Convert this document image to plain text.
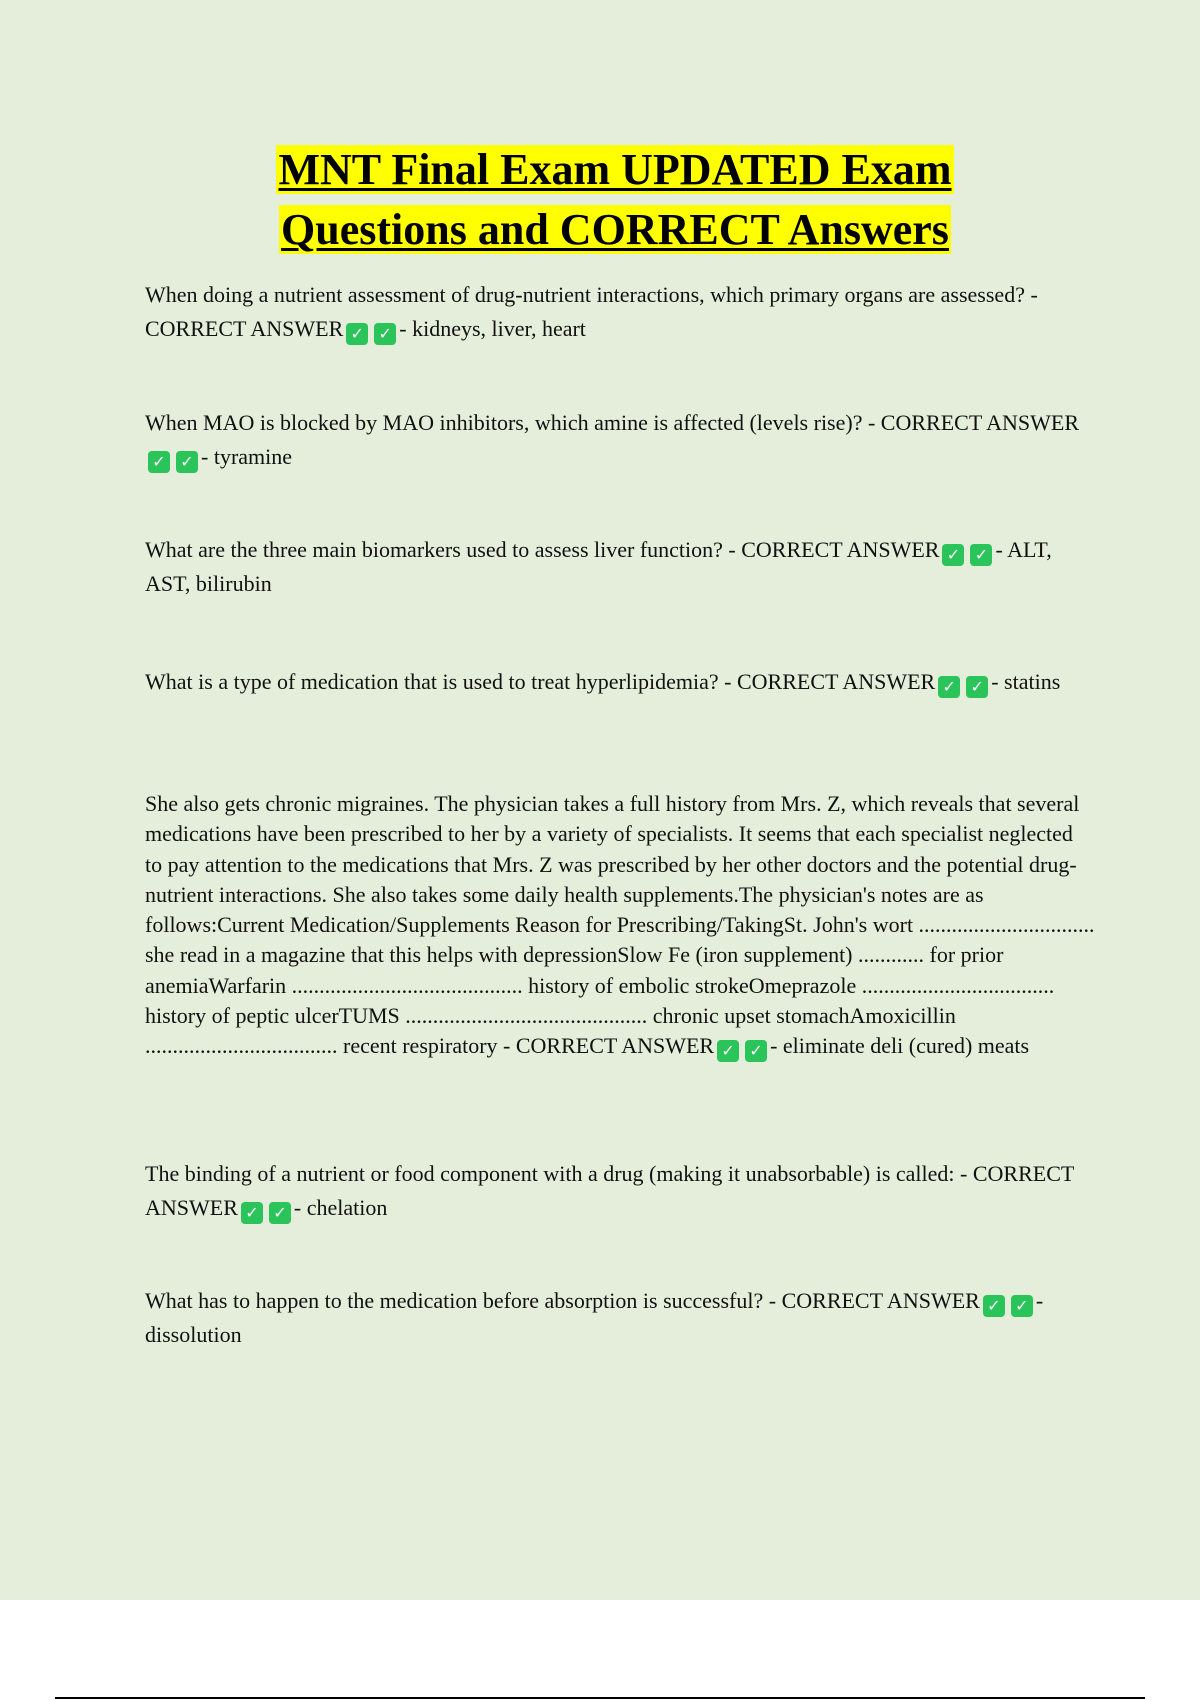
MNT Final Exam UPDATED Exam
Questions and CORRECT Answers
When doing a nutrient assessment of drug-nutrient interactions, which primary organs are assessed? - CORRECT ANSWER ✓ ✓ - kidneys, liver, heart
When MAO is blocked by MAO inhibitors, which amine is affected (levels rise)? - CORRECT ANSWER✓ ✓ - tyramine
What are the three main biomarkers used to assess liver function? - CORRECT ANSWER ✓ ✓ - ALT, AST, bilirubin
What is a type of medication that is used to treat hyperlipidemia? - CORRECT ANSWER ✓ ✓ - statins
She also gets chronic migraines. The physician takes a full history from Mrs. Z, which reveals that several medications have been prescribed to her by a variety of specialists. It seems that each specialist neglected to pay attention to the medications that Mrs. Z was prescribed by her other doctors and the potential drug-nutrient interactions. She also takes some daily health supplements.The physician's notes are as follows:Current Medication/Supplements Reason for Prescribing/TakingSt. John's wort ................................ she read in a magazine that this helps with depressionSlow Fe (iron supplement) ............ for prior anemiaWarfarin .......................................... history of embolic strokeOmeprazole ................................... history of peptic ulcerTUMS ............................................ chronic upset stomachAmoxicillin ................................... recent respiratory - CORRECT ANSWER ✓ ✓ - eliminate deli (cured) meats
The binding of a nutrient or food component with a drug (making it unabsorbable) is called: - CORRECT ANSWER ✓ ✓ - chelation
What has to happen to the medication before absorption is successful? - CORRECT ANSWER ✓ ✓ - dissolution
